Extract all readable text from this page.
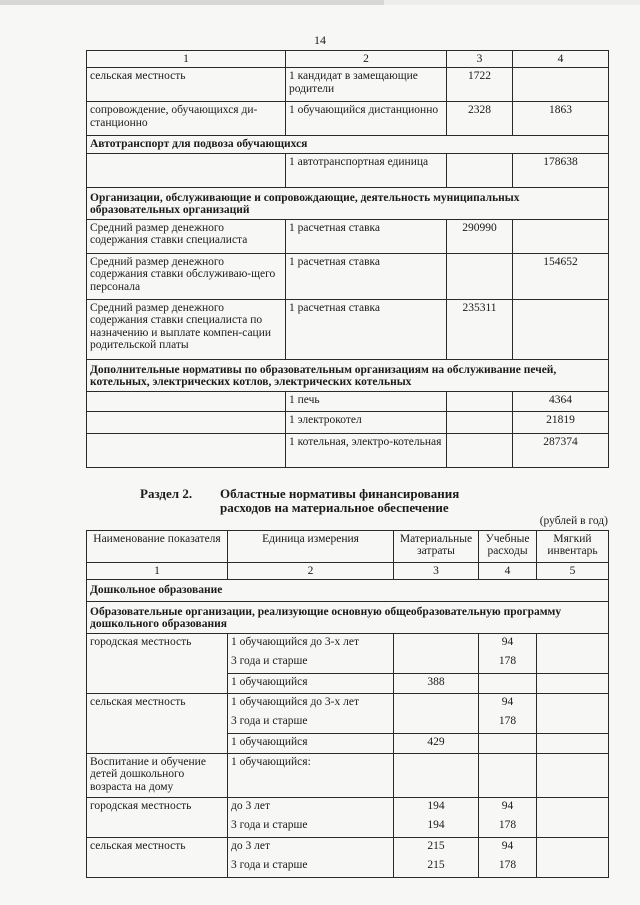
14
1	2	3	4
сельская местность	1 кандидат в замещающие родители	1722	
сопровождение, обучающихся ди-станционно	1 обучающийся дистанционно	2328	1863
Автотранспорт для подвоза обучающихся			
	1 автотранспортная единица		178638
Организации, обслуживающие и сопровождающие, деятельность муниципальных образовательных организаций			
Средний размер денежного содержания ставки специалиста	1 расчетная ставка	290990	
Средний размер денежного содержания ставки обслуживаю-щего персонала	1 расчетная ставка		154652
Средний размер денежного содержания ставки специалиста по назначению и выплате компен-сации родительской платы	1 расчетная ставка	235311	
Дополнительные нормативы по образовательным организациям на обслуживание печей, котельных, электрических котлов, электрических котельных			
	1 печь		4364
	1 электрокотел		21819
	1 котельная, электро-котельная		287374
Раздел 2. Областные нормативы финансирования
расходов на материальное обеспечение
(рублей в год)
Наименование показателя	Единица измерения	Материальные затраты	Учебные расходы	Мягкий инвентарь
1	2	3	4	5
Дошкольное образование				
Образовательные организации, реализующие основную общеобразовательную программу дошкольного образования				
городская местность	1 обучающийся до 3-х лет		94	
	3 года и старше		178	
	1 обучающийся	388		
сельская местность	1 обучающийся до 3-х лет		94	
	3 года и старше		178	
	1 обучающийся	429		
Воспитание и обучение детей дошкольного возраста на дому	1 обучающийся:			
городская местность	до 3 лет	194	94	
	3 года и старше	194	178	
сельская местность	до 3 лет	215	94	
	3 года и старше	215	178	
